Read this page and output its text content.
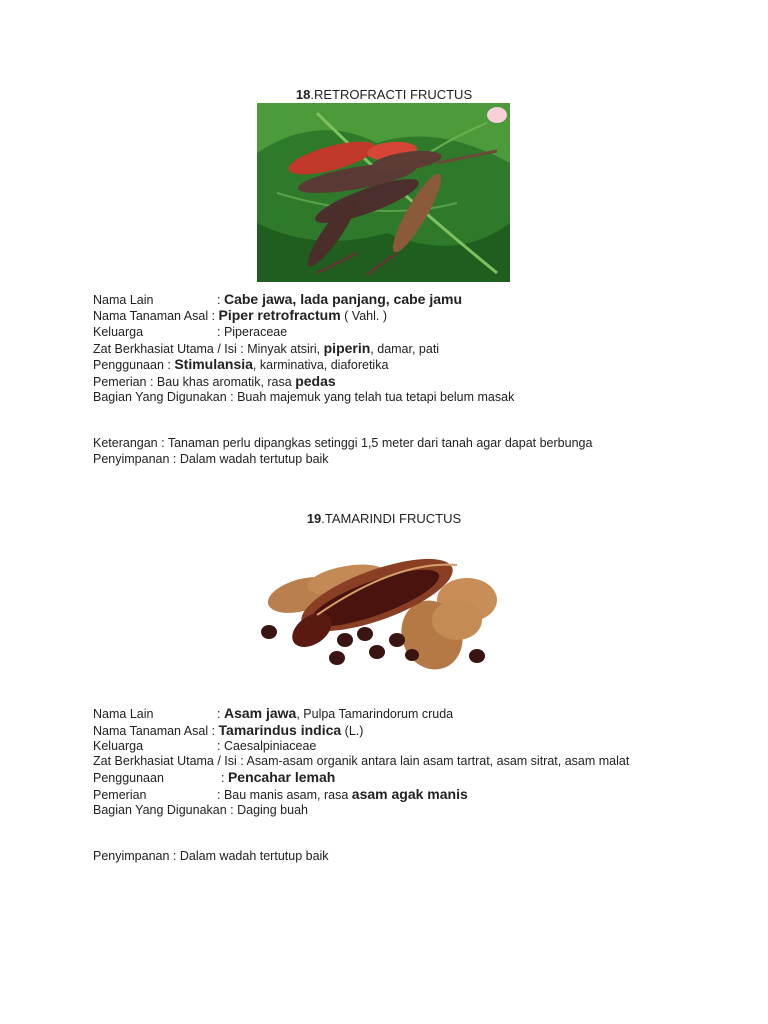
18.RETROFRACTI FRUCTUS
Nama Lain	: Cabe jawa, lada panjang, cabe jamu
Nama Tanaman Asal : Piper retrofractum ( Vahl. )
Keluarga	: Piperaceae
Zat Berkhasiat Utama / Isi : Minyak atsiri, piperin, damar, pati
Penggunaan : Stimulansia, karminativa, diaforetika
Pemerian : Bau khas aromatik, rasa pedas
Bagian Yang Digunakan : Buah majemuk yang telah tua tetapi belum masak
Keterangan : Tanaman perlu dipangkas setinggi 1,5 meter dari tanah agar dapat berbunga
Penyimpanan : Dalam wadah tertutup baik
19.TAMARINDI FRUCTUS
Nama Lain	: Asam jawa, Pulpa Tamarindorum cruda
Nama Tanaman Asal : Tamarindus indica (L.)
Keluarga	: Caesalpiniaceae
Zat Berkhasiat Utama / Isi : Asam-asam organik antara lain asam tartrat, asam sitrat, asam malat
Penggunaan	: Pencahar lemah
Pemerian	: Bau manis asam, rasa asam agak manis
Bagian Yang Digunakan : Daging buah
Penyimpanan : Dalam wadah tertutup baik
